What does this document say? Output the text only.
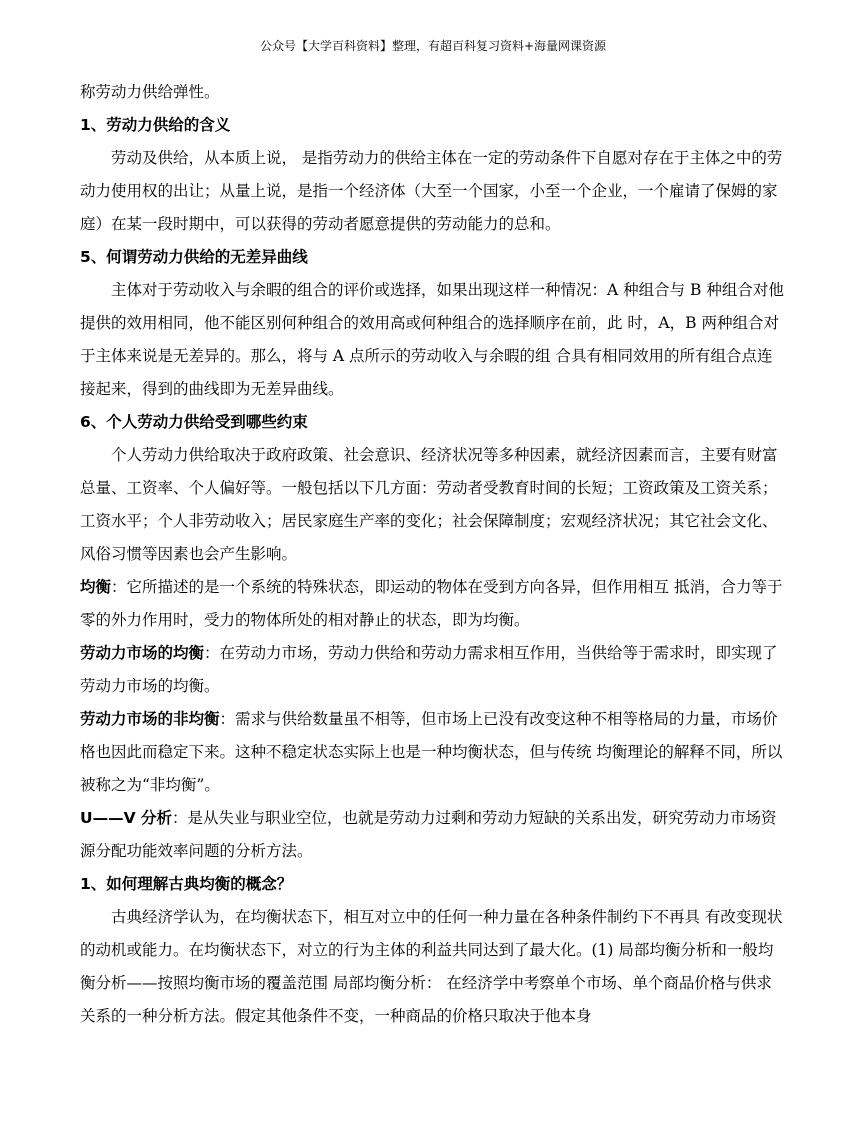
公众号【大学百科资料】整理，有超百科复习资料+海量网课资源

称劳动力供给弹性。

1、劳动力供给的含义

劳动及供给，从本质上说， 是指劳动力的供给主体在一定的劳动条件下自愿对存在于主体之中的劳动力使用权的出让；从量上说，是指一个经济体（大至一个国家，小至一个企业，一个雇请了保姆的家庭）在某一段时期中，可以获得的劳动者愿意提供的劳动能力的总和。

5、何谓劳动力供给的无差异曲线

主体对于劳动收入与余暇的组合的评价或选择，如果出现这样一种情况：A 种组合与 B 种组合对他提供的效用相同，他不能区别何种组合的效用高或何种组合的选择顺序在前，此 时，A，B 两种组合对于主体来说是无差异的。那么，将与 A 点所示的劳动收入与余暇的组 合具有相同效用的所有组合点连接起来，得到的曲线即为无差异曲线。

6、个人劳动力供给受到哪些约束

个人劳动力供给取决于政府政策、社会意识、经济状况等多种因素，就经济因素而言，主要有财富总量、工资率、个人偏好等。一般包括以下几方面：劳动者受教育时间的长短；工资政策及工资关系；工资水平；个人非劳动收入；居民家庭生产率的变化；社会保障制度；宏观经济状况；其它社会文化、风俗习惯等因素也会产生影响。

均衡：它所描述的是一个系统的特殊状态，即运动的物体在受到方向各异，但作用相互 抵消，合力等于零的外力作用时，受力的物体所处的相对静止的状态，即为均衡。

劳动力市场的均衡：在劳动力市场，劳动力供给和劳动力需求相互作用，当供给等于需求时，即实现了劳动力市场的均衡。

劳动力市场的非均衡：需求与供给数量虽不相等，但市场上已没有改变这种不相等格局的力量，市场价格也因此而稳定下来。这种不稳定状态实际上也是一种均衡状态，但与传统 均衡理论的解释不同，所以被称之为“非均衡”。

U——V 分析：是从失业与职业空位，也就是劳动力过剩和劳动力短缺的关系出发，研究劳动力市场资源分配功能效率问题的分析方法。

1、如何理解古典均衡的概念？

古典经济学认为，在均衡状态下，相互对立中的任何一种力量在各种条件制约下不再具 有改变现状的动机或能力。在均衡状态下，对立的行为主体的利益共同达到了最大化。(1) 局部均衡分析和一般均衡分析——按照均衡市场的覆盖范围 局部均衡分析： 在经济学中考察单个市场、单个商品价格与供求关系的一种分析方法。假定其他条件不变，一种商品的价格只取决于他本身
